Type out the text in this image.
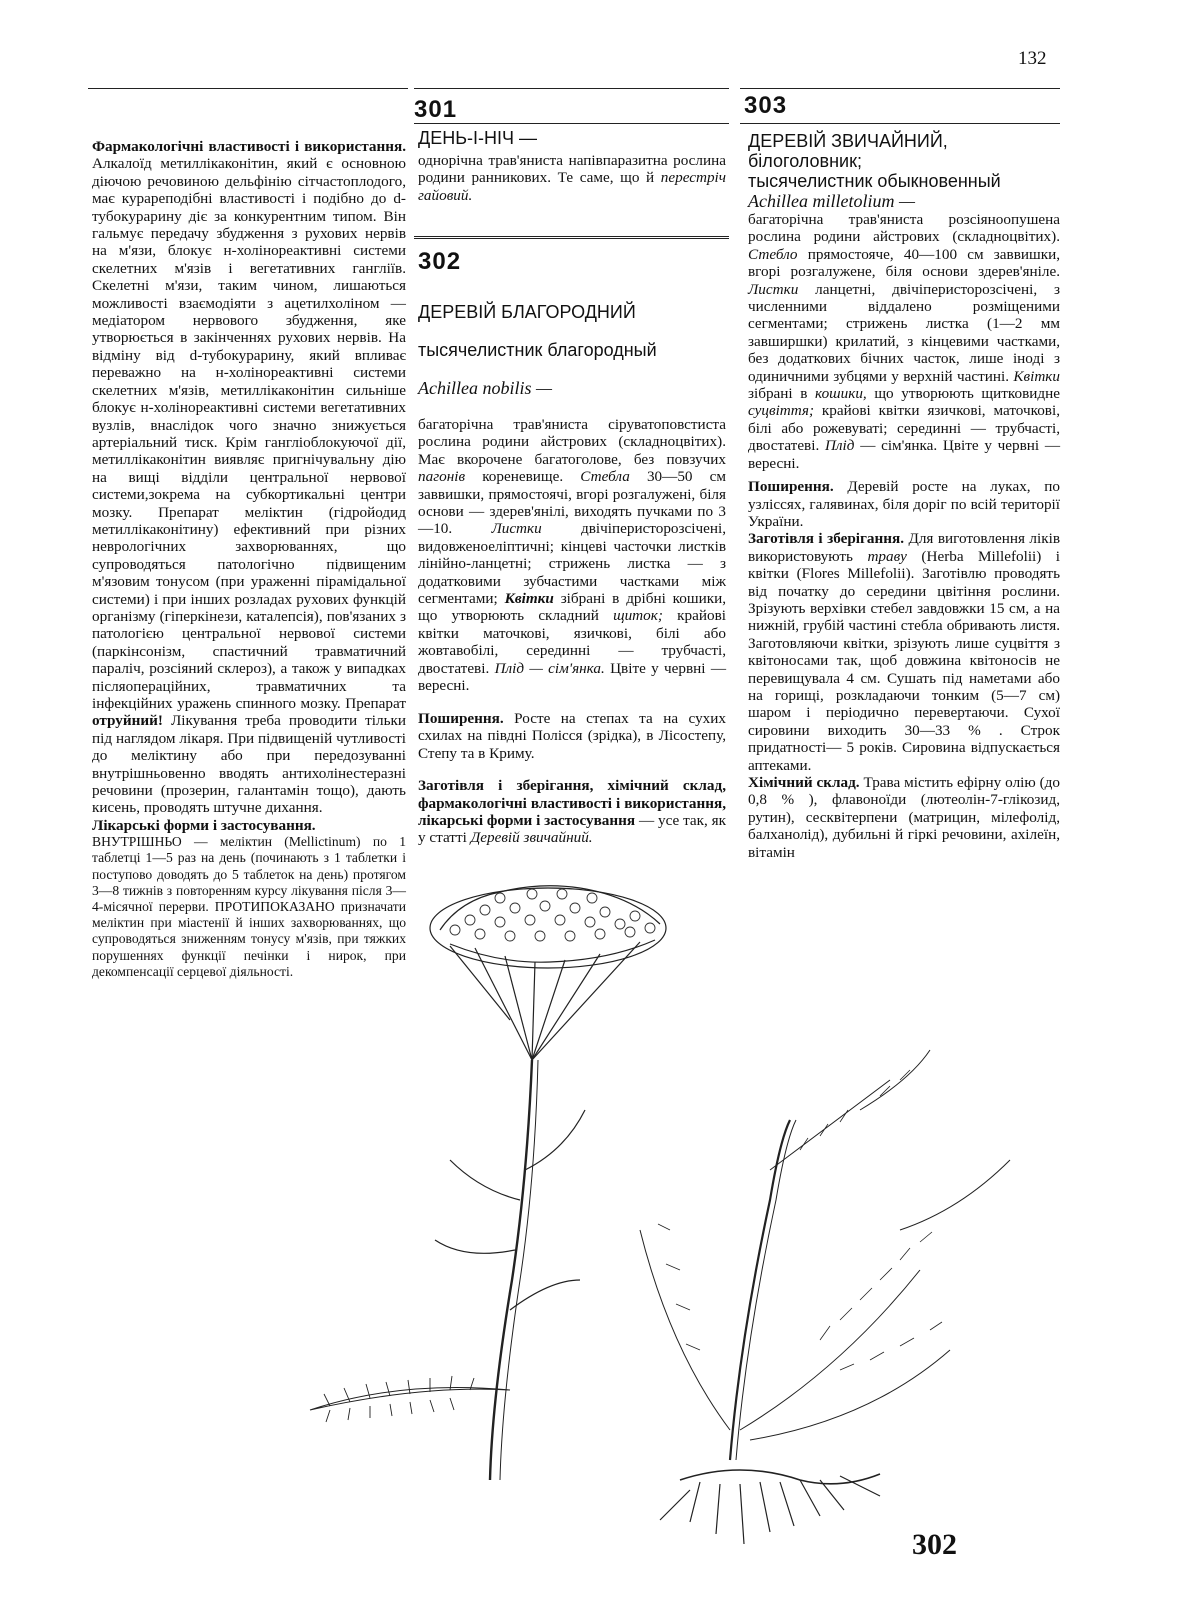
132
301	303

Фармакологічні властивості і використання. Алкалоїд метиллікаконітин, який є основною діючою речовиною дельфінію сітчастоплодого, має курареподібні властивості і подібно до d-тубокурарину діє за конкурентним типом. Він гальмує передачу збудження з рухових нервів на м'язи, блокує н-холінореактивні системи скелетних м'язів і вегетативних гангліїв. Скелетні м'язи, таким чином, лишаються можливості взаємодіяти з ацетилхоліном — медіатором нервового збудження, яке утворюється в закінченнях рухових нервів. На відміну від d-тубокурарину, який впливає переважно на н-холінореактивні системи скелетних м'язів, метиллікаконітин сильніше блокує н-холінореактивні системи вегетативних вузлів, внаслідок чого значно знижується артеріальний тиск. Крім гангліоблокуючої дії, метиллікаконітин виявляє пригнічувальну дію на вищі відділи центральної нервової системи,зокрема на субкортикальні центри мозку. Препарат меліктин (гідройодид метиллікаконітину) ефективний при різних неврологічних захворюваннях, що супроводяться патологічно підвищеним м'язовим тонусом (при ураженні пірамідальної системи) і при інших розладах рухових функцій організму (гіперкінези, каталепсія), пов'язаних з патологією центральної нервової системи (паркінсонізм, спастичний травматичний параліч, розсіяний склероз), а також у випадках післяопераційних, травматичних та інфекційних уражень спинного мозку. Препарат отруйний! Лікування треба проводити тільки під наглядом лікаря. При підвищеній чутливості до меліктину або при передозуванні внутрішньовенно вводять антихолінестеразні речовини (прозерин, галантамін тощо), дають кисень, проводять штучне дихання.

Лікарські форми і застосування.

ВНУТРІШНЬО — меліктин (Mellictinum) по 1 таблетці 1—5 раз на день (починають з 1 таблетки і поступово доводять до 5 таблеток на день) протягом 3—8 тижнів з повторенням курсу лікування після 3—4-місячної перерви. ПРОТИПОКАЗАНО призначати меліктин при міастенії й інших захворюваннях, що супроводяться зниженням тонусу м'язів, при тяжких порушеннях функції печінки і нирок, при декомпенсації серцевої діяльності.

ДЕНЬ-І-НІЧ —

однорічна трав'яниста напівпаразитна рослина родини ранникових. Те саме, що й перестріч гайовий.

302

ДЕРЕВІЙ БЛАГОРОДНИЙ

тысячелистник благородный

Achillea nobilis —

багаторічна трав'яниста сіруватоповстиста рослина родини айстрових (складноцвітих). Має вкорочене багатоголове, без повзучих пагонів кореневище. Стебла 30—50 см заввишки, прямостоячі, вгорі розгалужені, біля основи — здерев'янілі, виходять пучками по 3—10.	Листки	двічіперисторозсічені, видовженоеліптичні; кінцеві часточки листків лінійно-ланцетні; стрижень листка — з додатковими зубчастими частками між сегментами; Квітки зібрані в дрібні кошики, що утворюють складний щиток; крайові квітки маточкові, язичкові, білі або жовтавобілі, серединні — трубчасті, двостатеві. Плід — сім'янка. Цвіте у червні — вересні.

Поширення. Росте на степах та на сухих схилах на півдні Полісся (зрідка), в Лісостепу, Степу та в Криму.

Заготівля і зберігання, хімічний склад, фармакологічні властивості і використання, лікарські форми і застосування — усе так, як у статті Деревій звичайний.

ДЕРЕВІЙ ЗВИЧАЙНИЙ,

білоголовник;

тысячелистник обыкновенный

Achillea milletolium —

багаторічна трав'яниста розсіяноопушена рослина родини айстрових (складноцвітих). Стебло прямостояче, 40—100 см заввишки, вгорі розгалужене, біля основи здерев'яніле. Листки ланцетні, двічіперисторозсічені, з численними віддалено розміщеними сегментами; стрижень листка (1—2 мм завширшки) крилатий, з кінцевими частками, без додаткових бічних часток, лише іноді з одиничними зубцями у верхній частині. Квітки зібрані в кошики, що утворюють щитковидне суцвіття; крайові квітки язичкові, маточкові, білі або рожевуваті; серединні — трубчасті, двостатеві. Плід — сім'янка. Цвіте у червні — вересні.

Поширення. Деревій росте на луках, по узліссях, галявинах, біля доріг по всій території України.

Заготівля і зберігання. Для виготовлення ліків використовують траву (Herba Millefolii) і квітки (Flores Millefolii). Заготівлю проводять від початку до середини цвітіння рослини. Зрізують верхівки стебел завдовжки 15 см, а на нижній, грубій частині стебла обривають листя. Заготовляючи квітки, зрізують лише суцвіття з квітоносами так, щоб довжина квітоносів не перевищувала 4 см. Сушать під наметами або на горищі, розкладаючи тонким (5—7 см) шаром і періодично перевертаючи. Сухої сировини виходить 30—33 % . Строк придатності— 5 років. Сировина відпускається аптеками.

Хімічний склад. Трава містить ефірну олію (до 0,8 % ), флавоноїди (лютеолін-7-глікозид, рутин), сесквітерпени (матрицин, мілефолід, балханолід), дубильні й гіркі речовини, ахілеїн, вітамін

302
